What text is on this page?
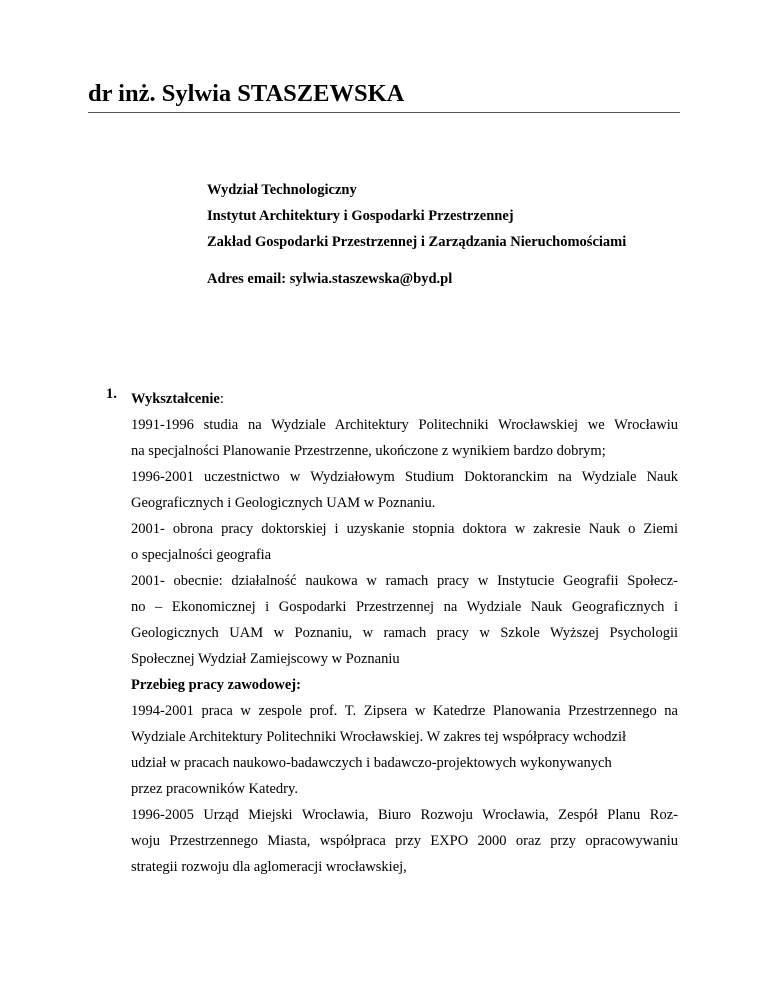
dr inż. Sylwia STASZEWSKA
Wydział Technologiczny
Instytut Architektury i Gospodarki Przestrzennej
Zakład Gospodarki Przestrzennej i Zarządzania Nieruchomościami
Adres email: sylwia.staszewska@byd.pl
1. Wykształcenie:
1991-1996 studia na Wydziale Architektury Politechniki Wrocławskiej we Wrocławiu
na specjalności Planowanie Przestrzenne, ukończone z wynikiem bardzo dobrym;
1996-2001 uczestnictwo w Wydziałowym Studium Doktoranckim na Wydziale Nauk
Geograficznych i Geologicznych UAM w Poznaniu.
2001- obrona pracy doktorskiej i uzyskanie stopnia doktora w zakresie Nauk o Ziemi
o specjalności geografia
2001- obecnie: działalność naukowa w ramach pracy w Instytucie Geografii Społecz-
no – Ekonomicznej i Gospodarki Przestrzennej na Wydziale Nauk Geograficznych i
Geologicznych UAM w Poznaniu, w ramach pracy w Szkole Wyższej Psychologii
Społecznej Wydział Zamiejscowy w Poznaniu
Przebieg pracy zawodowej:
1994-2001 praca w zespole prof. T. Zipsera w Katedrze Planowania Przestrzennego na
Wydziale Architektury Politechniki Wrocławskiej. W zakres tej współpracy wchodził
udział w pracach naukowo-badawczych i badawczo-projektowych wykonywanych
przez pracowników Katedry.
1996-2005 Urząd Miejski Wrocławia, Biuro Rozwoju Wrocławia, Zespół Planu Roz-
woju Przestrzennego Miasta, współpraca przy EXPO 2000 oraz przy opracowywaniu
strategii rozwoju dla aglomeracji wrocławskiej,
